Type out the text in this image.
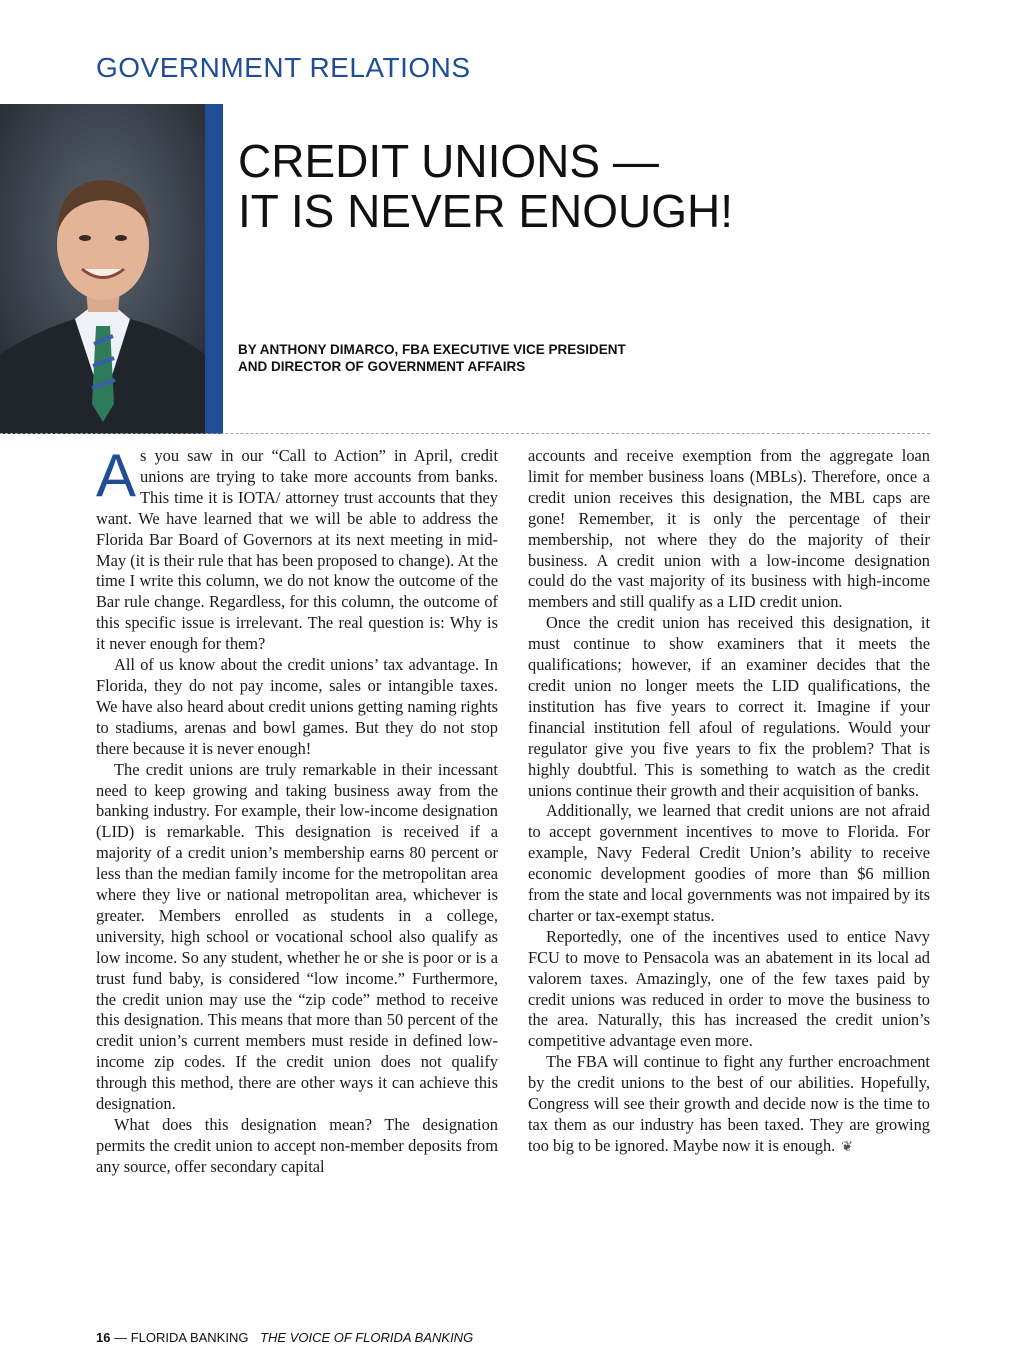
GOVERNMENT RELATIONS
CREDIT UNIONS —
IT IS NEVER ENOUGH!
BY ANTHONY DIMARCO, FBA EXECUTIVE VICE PRESIDENT
AND DIRECTOR OF GOVERNMENT AFFAIRS

As you saw in our “Call to Action” in April, credit unions are trying to take more accounts from banks. This time it is IOTA/ attorney trust accounts that they want. We have learned that we will be able to address the Florida Bar Board of Governors at its next meeting in mid-May (it is their rule that has been proposed to change). At the time I write this column, we do not know the outcome of the Bar rule change. Regardless, for this column, the outcome of this specific issue is irrelevant. The real question is: Why is it never enough for them?

All of us know about the credit unions’ tax advantage. In Florida, they do not pay income, sales or intangible taxes. We have also heard about credit unions getting naming rights to stadiums, arenas and bowl games. But they do not stop there because it is never enough!

The credit unions are truly remarkable in their incessant need to keep growing and taking business away from the banking industry. For example, their low-income designation (LID) is remarkable. This designation is received if a majority of a credit union’s membership earns 80 percent or less than the median family income for the metropolitan area where they live or national metropolitan area, whichever is greater. Members enrolled as students in a college, university, high school or vocational school also qualify as low income. So any student, whether he or she is poor or is a trust fund baby, is considered “low income.” Furthermore, the credit union may use the “zip code” method to receive this designation. This means that more than 50 percent of the credit union’s current members must reside in defined low-income zip codes. If the credit union does not qualify through this method, there are other ways it can achieve this designation.

What does this designation mean? The designation permits the credit union to accept non-member deposits from any source, offer secondary capital

accounts and receive exemption from the aggregate loan limit for member business loans (MBLs). Therefore, once a credit union receives this designation, the MBL caps are gone! Remember, it is only the percentage of their membership, not where they do the majority of their business. A credit union with a low-income designation could do the vast majority of its business with high-income members and still qualify as a LID credit union.

Once the credit union has received this designation, it must continue to show examiners that it meets the qualifications; however, if an examiner decides that the credit union no longer meets the LID qualifications, the institution has five years to correct it. Imagine if your financial institution fell afoul of regulations. Would your regulator give you five years to fix the problem? That is highly doubtful. This is something to watch as the credit unions continue their growth and their acquisition of banks.

Additionally, we learned that credit unions are not afraid to accept government incentives to move to Florida. For example, Navy Federal Credit Union’s ability to receive economic development goodies of more than $6 million from the state and local governments was not impaired by its charter or tax-exempt status.

Reportedly, one of the incentives used to entice Navy FCU to move to Pensacola was an abatement in its local ad valorem taxes. Amazingly, one of the few taxes paid by credit unions was reduced in order to move the business to the area. Naturally, this has increased the credit union’s competitive advantage even more.

The FBA will continue to fight any further encroachment by the credit unions to the best of our abilities. Hopefully, Congress will see their growth and decide now is the time to tax them as our industry has been taxed. They are growing too big to be ignored. Maybe now it is enough. ❦

16 — FLORIDA BANKING THE VOICE OF FLORIDA BANKING
